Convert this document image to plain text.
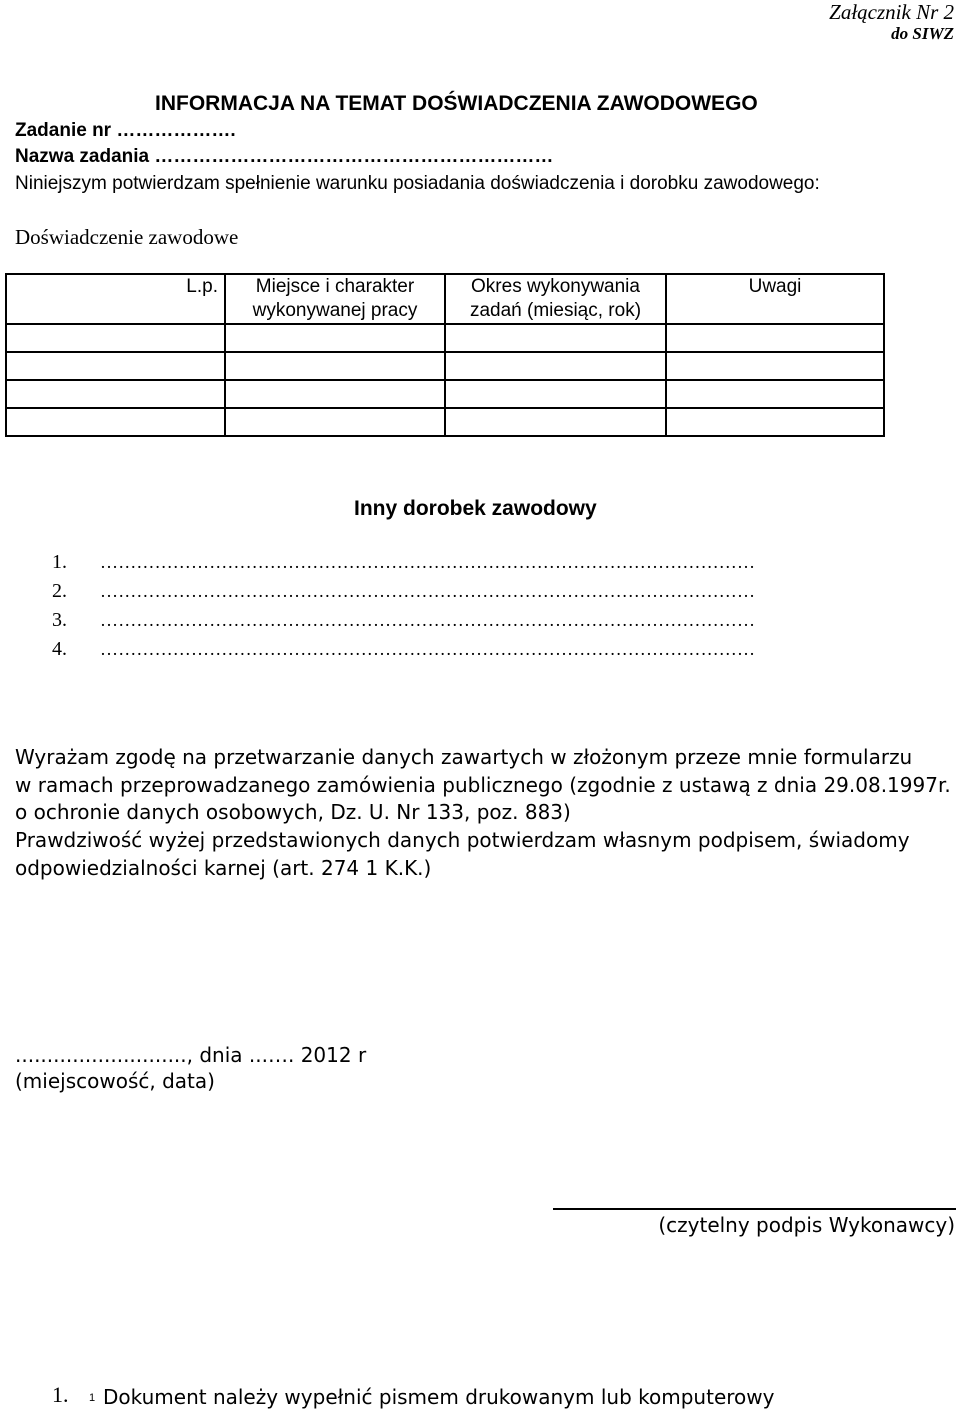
Załącznik Nr 2
do SIWZ
INFORMACJA NA TEMAT DOŚWIADCZENIA ZAWODOWEGO
Zadanie nr ……………….
Nazwa zadania ………………………………………………………
Niniejszym potwierdzam spełnienie warunku posiadania doświadczenia i dorobku zawodowego:
Doświadczenie zawodowe
L.p.	Miejsce i charakter wykonywanej pracy	Okres wykonywania zadań (miesiąc, rok)	Uwagi

Inny dorobek zawodowy
1. ………………………………………………………………………………………………
2. ………………………………………………………………………………………………
3. ………………………………………………………………………………………………
4. ………………………………………………………………………………………………
Wyrażam zgodę na przetwarzanie danych zawartych w złożonym przeze mnie formularzu
w ramach przeprowadzanego zamówienia publicznego (zgodnie z ustawą z dnia 29.08.1997r.
o ochronie danych osobowych, Dz. U. Nr 133, poz. 883)
Prawdziwość wyżej przedstawionych danych potwierdzam własnym podpisem, świadomy
odpowiedzialności karnej (art. 274 1 K.K.)
..........................., dnia ...…. 2012 r
(miejscowość, data)
(czytelny podpis Wykonawcy)
1. 1 Dokument należy wypełnić pismem drukowanym lub komputerowy
